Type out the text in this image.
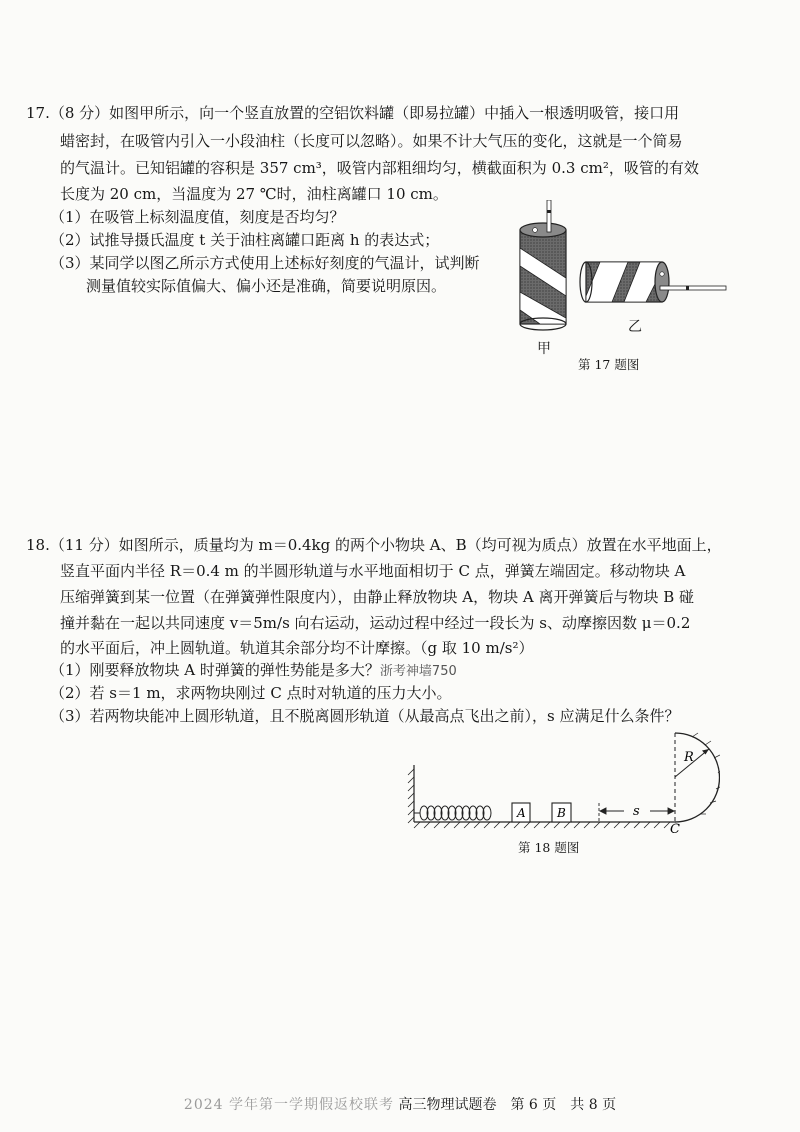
17.（8 分）如图甲所示，向一个竖直放置的空铝饮料罐（即易拉罐）中插入一根透明吸管，接口用
蜡密封，在吸管内引入一小段油柱（长度可以忽略）。如果不计大气压的变化，这就是一个简易
的气温计。已知铝罐的容积是 357 cm³，吸管内部粗细均匀，横截面积为 0.3 cm²，吸管的有效
长度为 20 cm，当温度为 27 ℃时，油柱离罐口 10 cm。
（1）在吸管上标刻温度值，刻度是否均匀？
（2）试推导摄氏温度 t 关于油柱离罐口距离 h 的表达式；
（3）某同学以图乙所示方式使用上述标好刻度的气温计，试判断
测量值较实际值偏大、偏小还是准确，简要说明原因。
甲
乙
第 17 题图
18.（11 分）如图所示，质量均为 m＝0.4kg 的两个小物块 A、B（均可视为质点）放置在水平地面上，
竖直平面内半径 R＝0.4 m 的半圆形轨道与水平地面相切于 C 点，弹簧左端固定。移动物块 A
压缩弹簧到某一位置（在弹簧弹性限度内），由静止释放物块 A，物块 A 离开弹簧后与物块 B 碰
撞并黏在一起以共同速度 v＝5m/s 向右运动，运动过程中经过一段长为 s、动摩擦因数 μ＝0.2
的水平面后，冲上圆轨道。轨道其余部分均不计摩擦。（g 取 10 m/s²）
（1）刚要释放物块 A 时弹簧的弹性势能是多大？浙考神墙750
（2）若 s＝1 m，求两物块刚过 C 点时对轨道的压力大小。
（3）若两物块能冲上圆形轨道，且不脱离圆形轨道（从最高点飞出之前），s 应满足什么条件？
A	B	s
R
C
第 18 题图
2024 学年第一学期假返校联考 高三物理试题卷　第 6 页　共 8 页
